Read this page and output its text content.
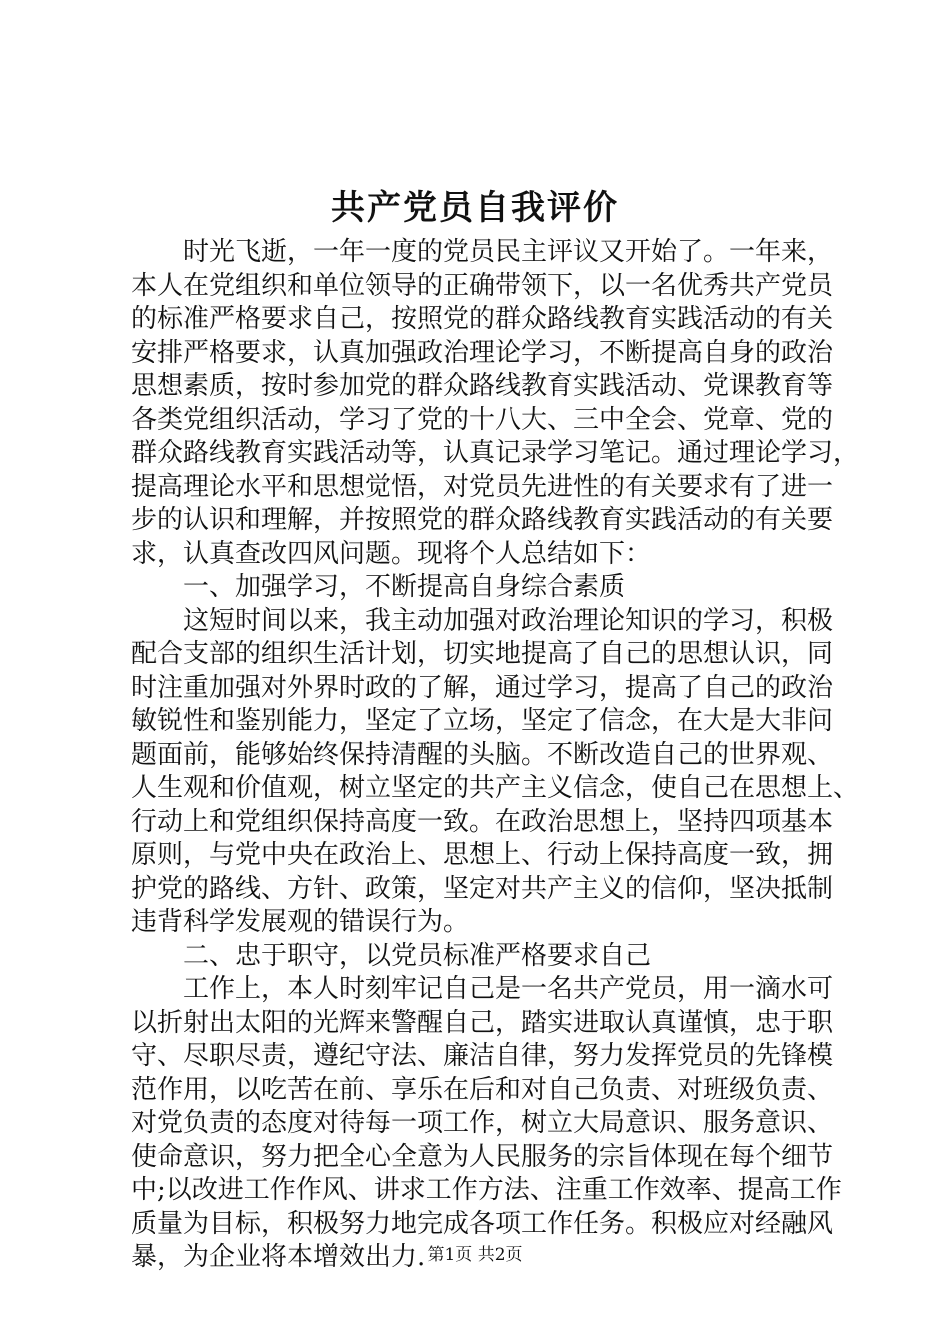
共产党员自我评价
时光飞逝，一年一度的党员民主评议又开始了。一年来，
本人在党组织和单位领导的正确带领下，以一名优秀共产党员
的标准严格要求自己，按照党的群众路线教育实践活动的有关
安排严格要求，认真加强政治理论学习，不断提高自身的政治
思想素质，按时参加党的群众路线教育实践活动、党课教育等
各类党组织活动，学习了党的十八大、三中全会、党章、党的
群众路线教育实践活动等，认真记录学习笔记。通过理论学习，
提高理论水平和思想觉悟，对党员先进性的有关要求有了进一
步的认识和理解，并按照党的群众路线教育实践活动的有关要
求，认真查改四风问题。现将个人总结如下：
一、加强学习，不断提高自身综合素质
这短时间以来，我主动加强对政治理论知识的学习，积极
配合支部的组织生活计划，切实地提高了自己的思想认识，同
时注重加强对外界时政的了解，通过学习，提高了自己的政治
敏锐性和鉴别能力，坚定了立场，坚定了信念，在大是大非问
题面前，能够始终保持清醒的头脑。不断改造自己的世界观、
人生观和价值观，树立坚定的共产主义信念，使自己在思想上、
行动上和党组织保持高度一致。在政治思想上，坚持四项基本
原则，与党中央在政治上、思想上、行动上保持高度一致，拥
护党的路线、方针、政策，坚定对共产主义的信仰，坚决抵制
违背科学发展观的错误行为。
二、忠于职守，以党员标准严格要求自己
工作上，本人时刻牢记自己是一名共产党员，用一滴水可
以折射出太阳的光辉来警醒自己，踏实进取认真谨慎，忠于职
守、尽职尽责，遵纪守法、廉洁自律，努力发挥党员的先锋模
范作用，以吃苦在前、享乐在后和对自己负责、对班级负责、
对党负责的态度对待每一项工作，树立大局意识、服务意识、
使命意识，努力把全心全意为人民服务的宗旨体现在每个细节
中;以改进工作作风、讲求工作方法、注重工作效率、提高工作
质量为目标，积极努力地完成各项工作任务。积极应对经融风
暴，为企业将本增效出力. 第1页 共2页
